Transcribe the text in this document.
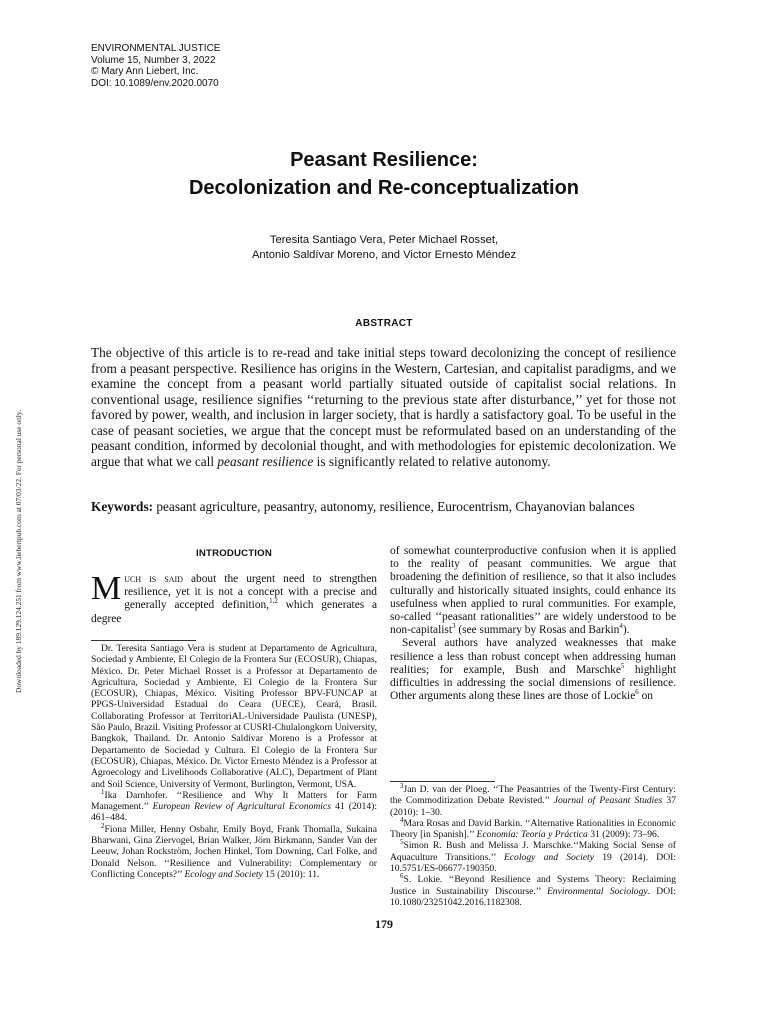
ENVIRONMENTAL JUSTICE
Volume 15, Number 3, 2022
© Mary Ann Liebert, Inc.
DOI: 10.1089/env.2020.0070
Downloaded by 189.129.124.251 from www.liebertpub.com at 07/03/22. For personal use only.
Peasant Resilience:
Decolonization and Re-conceptualization
Teresita Santiago Vera, Peter Michael Rosset,
Antonio Saldívar Moreno, and Victor Ernesto Méndez
ABSTRACT

The objective of this article is to re-read and take initial steps toward decolonizing the concept of resilience from a peasant perspective. Resilience has origins in the Western, Cartesian, and capitalist paradigms, and we examine the concept from a peasant world partially situated outside of capitalist social relations. In conventional usage, resilience signifies ‘‘returning to the previous state after disturbance,’’ yet for those not favored by power, wealth, and inclusion in larger society, that is hardly a satisfactory goal. To be useful in the case of peasant societies, we argue that the concept must be reformulated based on an understanding of the peasant condition, informed by decolonial thought, and with methodologies for epistemic decolonization. We argue that what we call peasant resilience is significantly related to relative autonomy.

Keywords: peasant agriculture, peasantry, autonomy, resilience, Eurocentrism, Chayanovian balances

INTRODUCTION
Much is said about the urgent need to strengthen resilience, yet it is not a concept with a precise and generally accepted definition,$^{1,2}$ which generates a degree

Dr. Teresita Santiago Vera is student at Departamento de Agricultura, Sociedad y Ambiente, El Colegio de la Frontera Sur (ECOSUR), Chiapas, México. Dr. Peter Michael Rosset is a Professor at Departamento de Agricultura, Sociedad y Ambiente, El Colegio de la Frontera Sur (ECOSUR), Chiapas, México. Visiting Professor BPV-FUNCAP at PPGS-Universidad Estadual do Ceara (UECE), Ceará, Brasil. Collaborating Professor at TerritoriAL-Universidade Paulista (UNESP), São Paulo, Brazil. Visiting Professor at CUSRI-Chulalongkorn University, Bangkok, Thailand. Dr. Antonio Saldívar Moreno is a Professor at Departamento de Sociedad y Cultura. El Colegio de la Frontera Sur (ECOSUR), Chiapas, México. Dr. Victor Ernesto Méndez is a Professor at Agroecology and Livelihoods Collaborative (ALC), Department of Plant and Soil Science, University of Vermont, Burlington, Vermont, USA.

$^1$Ika Darnhofer. ‘‘Resilience and Why It Matters for Farm Management.’’ European Review of Agricultural Economics 41 (2014): 461–484.

$^2$Fiona Miller, Henny Osbahr, Emily Boyd, Frank Thomalla, Sukaina Bharwani, Gina Ziervogel, Brian Walker, Jörn Birkmann, Sander Van der Leeuw, Johan Rockström, Jochen Hinkel, Tom Downing, Carl Folke, and Donald Nelson. ‘‘Resilience and Vulnerability: Complementary or Conflicting Concepts?’’ Ecology and Society 15 (2010): 11.

of somewhat counterproductive confusion when it is applied to the reality of peasant communities. We argue that broadening the definition of resilience, so that it also includes culturally and historically situated insights, could enhance its usefulness when applied to rural communities. For example, so-called ‘‘peasant rationalities’’ are widely understood to be non-capitalist$^3$ (see summary by Rosas and Barkin$^4$).

Several authors have analyzed weaknesses that make resilience a less than robust concept when addressing human realities; for example, Bush and Marschke$^5$ highlight difficulties in addressing the social dimensions of resilience. Other arguments along these lines are those of Lockie$^6$ on

$^3$Jan D. van der Ploeg. ‘‘The Peasantries of the Twenty-First Century: the Commoditization Debate Revisted.’’ Journal of Peasant Studies 37 (2010): 1–30.

$^4$Mara Rosas and David Barkin. ‘‘Alternative Rationalities in Economic Theory [in Spanish].’’ Economía: Teoría y Práctica 31 (2009): 73–96.

$^5$Simon R. Bush and Melissa J. Marschke.‘‘Making Social Sense of Aquaculture Transitions.’’ Ecology and Society 19 (2014). DOI: 10.5751/ES-06677-190350.

$^6$S. Lokie. ‘‘Beyond Resilience and Systems Theory: Reclaiming Justice in Sustainability Discourse.’’ Environmental Sociology. DOI: 10.1080/23251042.2016.1182308.

179
